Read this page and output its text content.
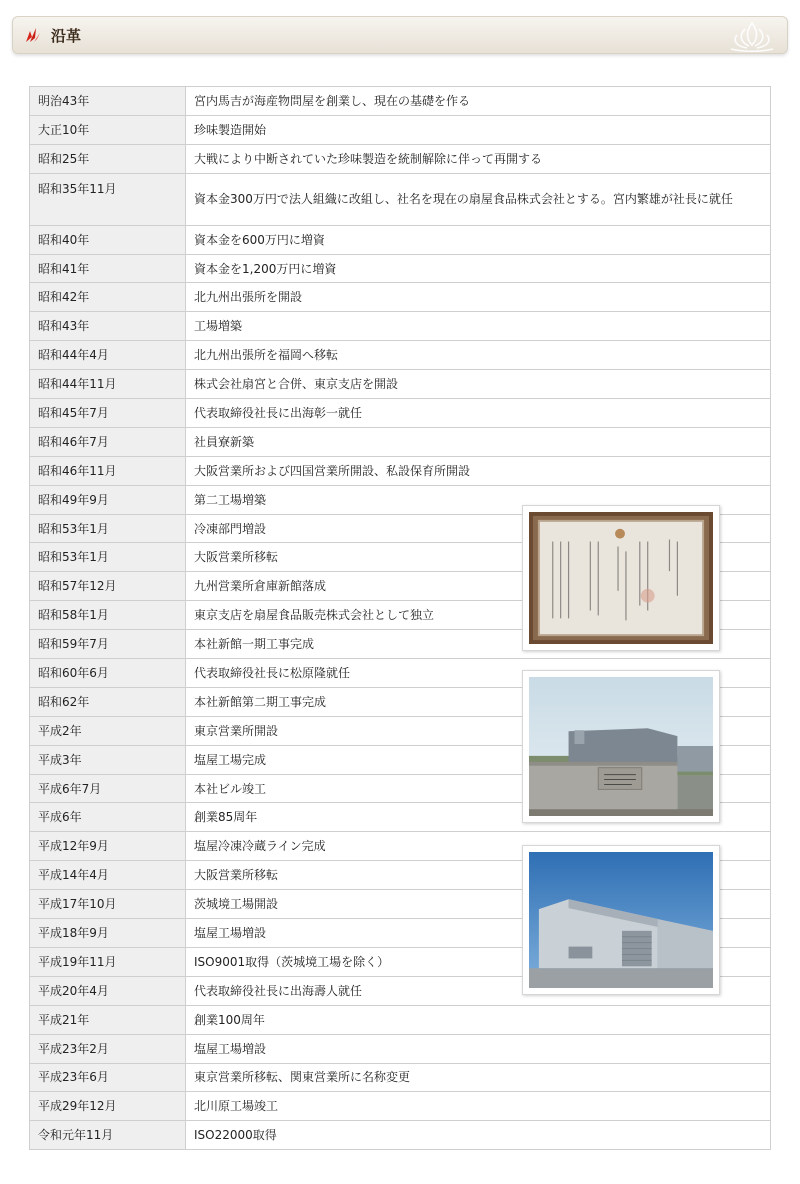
沿革
明治43年	宮内馬吉が海産物問屋を創業し、現在の基礎を作る
大正10年	珍味製造開始
昭和25年	大戦により中断されていた珍味製造を統制解除に伴って再開する
昭和35年11月	資本金300万円で法人組織に改組し、社名を現在の扇屋食品株式会社とする。宮内繁雄が社長に就任
昭和40年	資本金を600万円に増資
昭和41年	資本金を1,200万円に増資
昭和42年	北九州出張所を開設
昭和43年	工場増築
昭和44年4月	北九州出張所を福岡へ移転
昭和44年11月	株式会社扇宮と合併、東京支店を開設
昭和45年7月	代表取締役社長に出海彰一就任
昭和46年7月	社員寮新築
昭和46年11月	大阪営業所および四国営業所開設、私設保育所開設
昭和49年9月	第二工場増築
昭和53年1月	冷凍部門増設
昭和53年1月	大阪営業所移転
昭和57年12月	九州営業所倉庫新館落成
昭和58年1月	東京支店を扇屋食品販売株式会社として独立
昭和59年7月	本社新館一期工事完成
昭和60年6月	代表取締役社長に松原隆就任
昭和62年	本社新館第二期工事完成
平成2年	東京営業所開設
平成3年	塩屋工場完成
平成6年7月	本社ビル竣工
平成6年	創業85周年
平成12年9月	塩屋冷凍冷蔵ライン完成
平成14年4月	大阪営業所移転
平成17年10月	茨城境工場開設
平成18年9月	塩屋工場増設
平成19年11月	ISO9001取得（茨城境工場を除く）
平成20年4月	代表取締役社長に出海壽人就任
平成21年	創業100周年
平成23年2月	塩屋工場増設
平成23年6月	東京営業所移転、関東営業所に名称変更
平成29年12月	北川原工場竣工
令和元年11月	ISO22000取得
